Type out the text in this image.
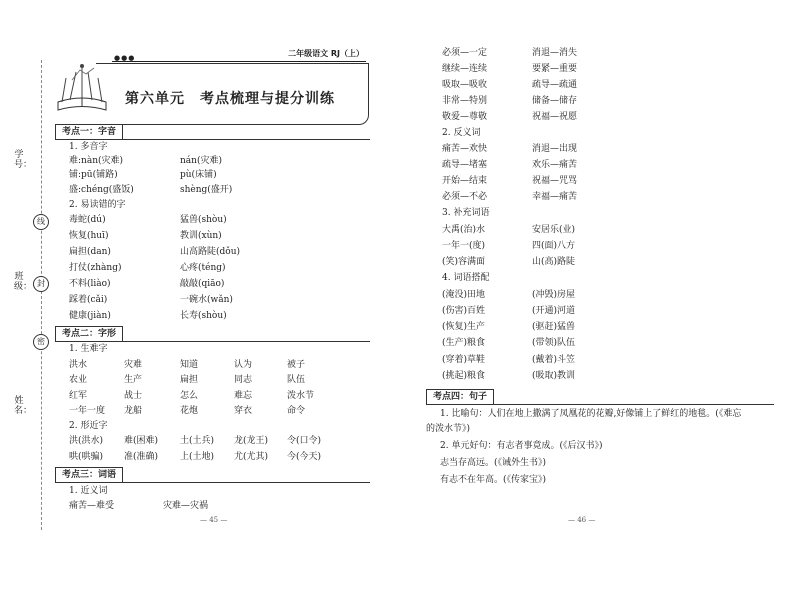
学号：
班级：
姓名：
线
封
密
●●●	二年级语文 RJ（上）
第六单元　考点梳理与提分训练
考点一：字音
1. 多音字
难:nàn(灾难)	nán(灾难)
铺:pū(铺路)	pù(床铺)
盛:chéng(盛饭)	shèng(盛开)
2. 易读错的字
毒蛇(dú)	猛兽(shòu)
恢复(huī)	教训(xùn)
扁担(dan)	山高路陡(dǒu)
打仗(zhàng)	心疼(téng)
不料(liào)	敲敲(qiāo)
踩着(cǎi)	一碗水(wǎn)
健康(jiàn)	长寿(shòu)
考点二：字形
1. 生难字
洪水	灾难	知道	认为	被子
农业	生产	扁担	同志	队伍
红军	战士	怎么	难忘	泼水节
一年一度 龙船	花炮	穿衣	命令
2. 形近字
洪(洪水) 难(困难) 土(土兵) 龙(龙王) 令(口令)
哄(哄骗) 准(准确) 上(土地) 尤(尤其) 今(今天)
考点三：词语
1. 近义词
痛苦—难受	灾难—灾祸
— 45 —
必须—一定	消退—消失
继续—连续	要紧—重要
吸取—吸收	疏导—疏通
非常—特别	储备—储存
敬爱—尊敬	祝福—祝愿
2. 反义词
痛苦—欢快	消退—出现
疏导—堵塞	欢乐—痛苦
开始—结束	祝福—咒骂
必须—不必	幸福—痛苦
3. 补充词语
大禹(治)水	安居乐(业)
一年一(度)	四(面)八方
(笑)容满面	山(高)路陡
4. 词语搭配
(淹没)田地	(冲毁)房屋
(伤害)百姓	(开通)河道
(恢复)生产	(驱赶)猛兽
(生产)粮食	(带领)队伍
(穿着)草鞋	(戴着)斗笠
(挑起)粮食	(吸取)教训
考点四：句子
1. 比喻句：人们在地上撒满了凤凰花的花瓣,好像铺上了鲜红的地毯。(《难忘
的泼水节》)
2. 单元好句：有志者事竟成。(《后汉书》)
志当存高远。(《诫外生书》)
有志不在年高。(《传家宝》)
— 46 —
